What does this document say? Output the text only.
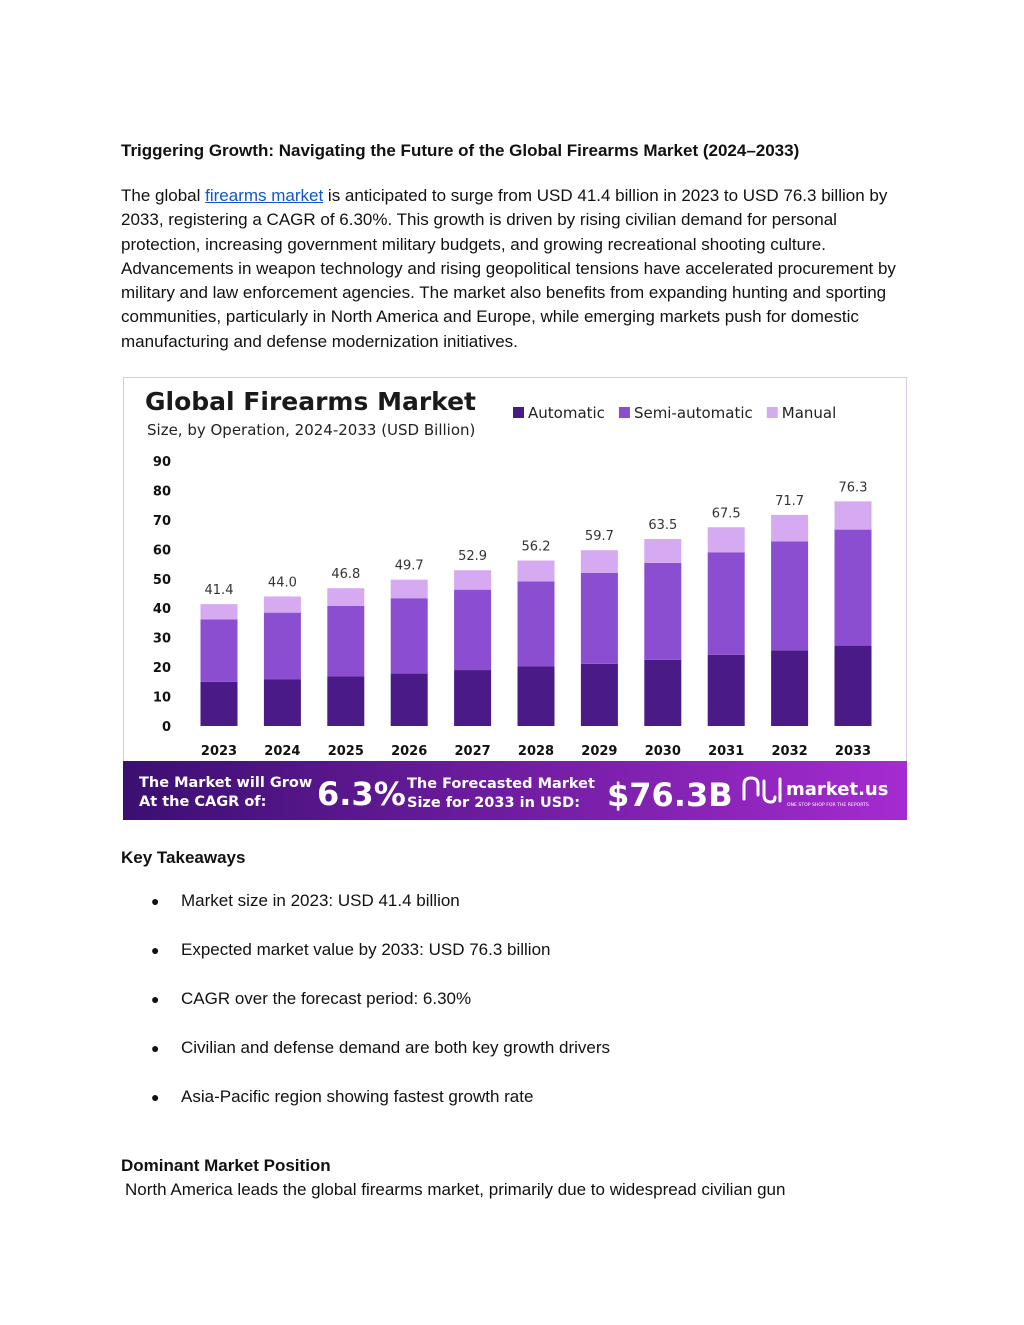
Triggering Growth: Navigating the Future of the Global Firearms Market (2024–2033)
The global firearms market is anticipated to surge from USD 41.4 billion in 2023 to USD 76.3 billion by 2033, registering a CAGR of 6.30%. This growth is driven by rising civilian demand for personal protection, increasing government military budgets, and growing recreational shooting culture. Advancements in weapon technology and rising geopolitical tensions have accelerated procurement by military and law enforcement agencies. The market also benefits from expanding hunting and sporting communities, particularly in North America and Europe, while emerging markets push for domestic manufacturing and defense modernization initiatives.
Global Firearms Market
Size, by Operation, 2024-2033 (USD Billion)
Automatic Semi-automatic Manual
0
10
20
30
40
50
60
70
80
90
41.4
44.0
46.8
49.7
52.9
56.2
59.7
63.5
67.5
71.7
76.3
2023 2024 2025 2026 2027 2028 2029 2030 2031 2032 2033
The Market will Grow
At the CAGR of: 6.3% The Forecasted Market
Size for 2033 in USD: $76.3B	market.us
ONE STOP SHOP FOR THE REPORTS
Key Takeaways
● Market size in 2023: USD 41.4 billion
● Expected market value by 2033: USD 76.3 billion
● CAGR over the forecast period: 6.30%
● Civilian and defense demand are both key growth drivers
● Asia-Pacific region showing fastest growth rate
Dominant Market Position
North America leads the global firearms market, primarily due to widespread civilian gun
